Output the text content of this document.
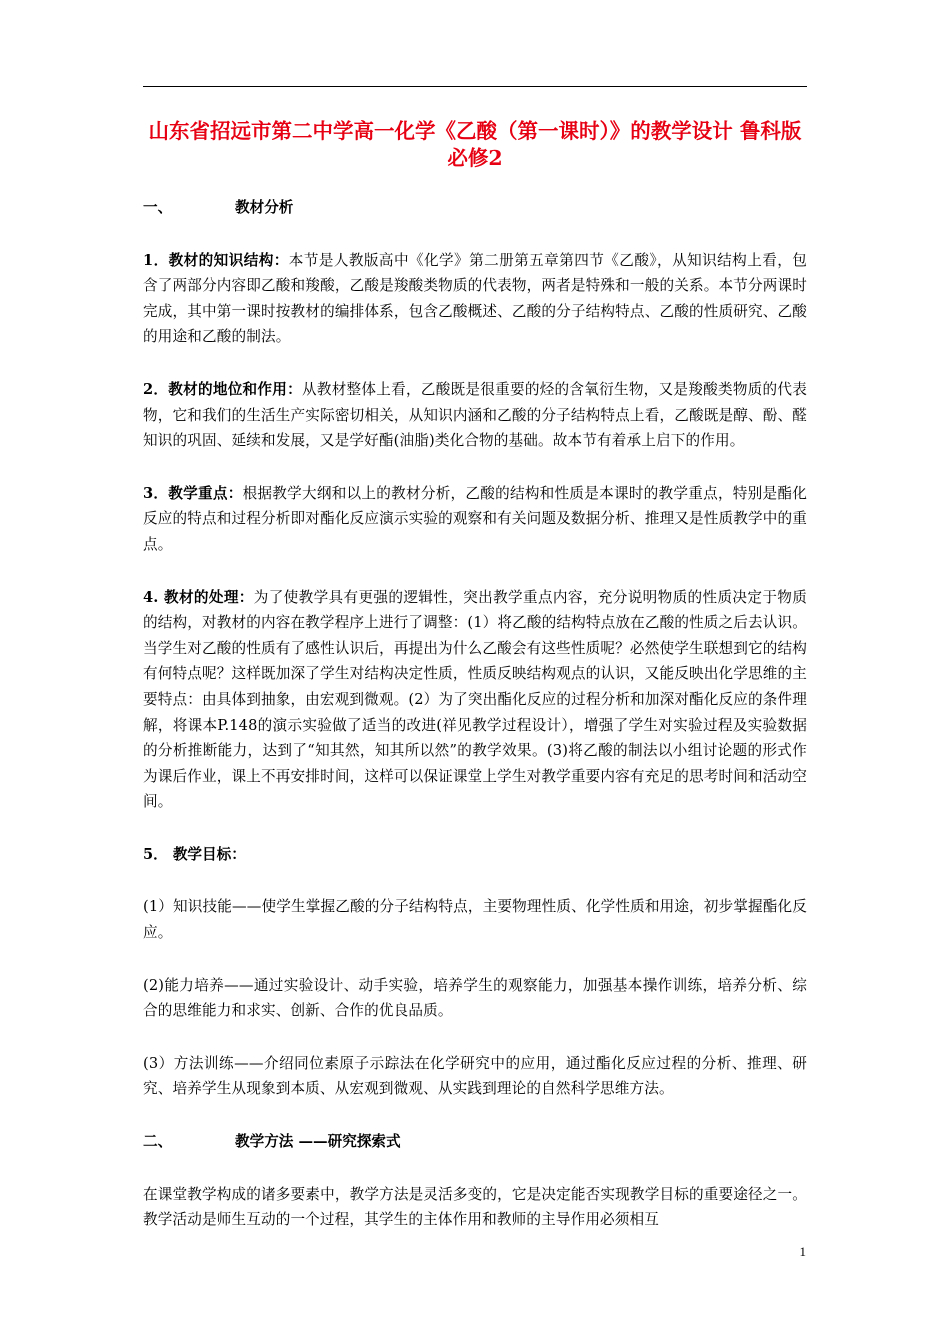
山东省招远市第二中学高一化学《乙酸（第一课时）》的教学设计 鲁科版必修2
一、	教材分析

1．教材的知识结构：本节是人教版高中《化学》第二册第五章第四节《乙酸》，从知识结构上看，包含了两部分内容即乙酸和羧酸，乙酸是羧酸类物质的代表物，两者是特殊和一般的关系。本节分两课时完成，其中第一课时按教材的编排体系，包含乙酸概述、乙酸的分子结构特点、乙酸的性质研究、乙酸的用途和乙酸的制法。

2．教材的地位和作用：从教材整体上看，乙酸既是很重要的烃的含氧衍生物，又是羧酸类物质的代表物，它和我们的生活生产实际密切相关，从知识内涵和乙酸的分子结构特点上看，乙酸既是醇、酚、醛知识的巩固、延续和发展，又是学好酯(油脂)类化合物的基础。故本节有着承上启下的作用。

3．教学重点：根据教学大纲和以上的教材分析，乙酸的结构和性质是本课时的教学重点，特别是酯化反应的特点和过程分析即对酯化反应演示实验的观察和有关问题及数据分析、推理又是性质教学中的重点。

4. 教材的处理：为了使教学具有更强的逻辑性，突出教学重点内容，充分说明物质的性质决定于物质的结构，对教材的内容在教学程序上进行了调整：(1）将乙酸的结构特点放在乙酸的性质之后去认识。当学生对乙酸的性质有了感性认识后，再提出为什么乙酸会有这些性质呢？必然使学生联想到它的结构有何特点呢？这样既加深了学生对结构决定性质，性质反映结构观点的认识，又能反映出化学思维的主要特点：由具体到抽象，由宏观到微观。(2）为了突出酯化反应的过程分析和加深对酯化反应的条件理解，将课本P.148的演示实验做了适当的改进(祥见教学过程设计），增强了学生对实验过程及实验数据的分析推断能力，达到了“知其然，知其所以然”的教学效果。(3)将乙酸的制法以小组讨论题的形式作为课后作业，课上不再安排时间，这样可以保证课堂上学生对教学重要内容有充足的思考时间和活动空间。

5． 教学目标：

(1）知识技能——使学生掌握乙酸的分子结构特点，主要物理性质、化学性质和用途，初步掌握酯化反应。

(2)能力培养——通过实验设计、动手实验，培养学生的观察能力，加强基本操作训练，培养分析、综合的思维能力和求实、创新、合作的优良品质。

(3）方法训练——介绍同位素原子示踪法在化学研究中的应用，通过酯化反应过程的分析、推理、研究、培养学生从现象到本质、从宏观到微观、从实践到理论的自然科学思维方法。

二、	教学方法 ——研究探索式

在课堂教学构成的诸多要素中，教学方法是灵活多变的，它是决定能否实现教学目标的重要途径之一。教学活动是师生互动的一个过程，其学生的主体作用和教师的主导作用必须相互

1
